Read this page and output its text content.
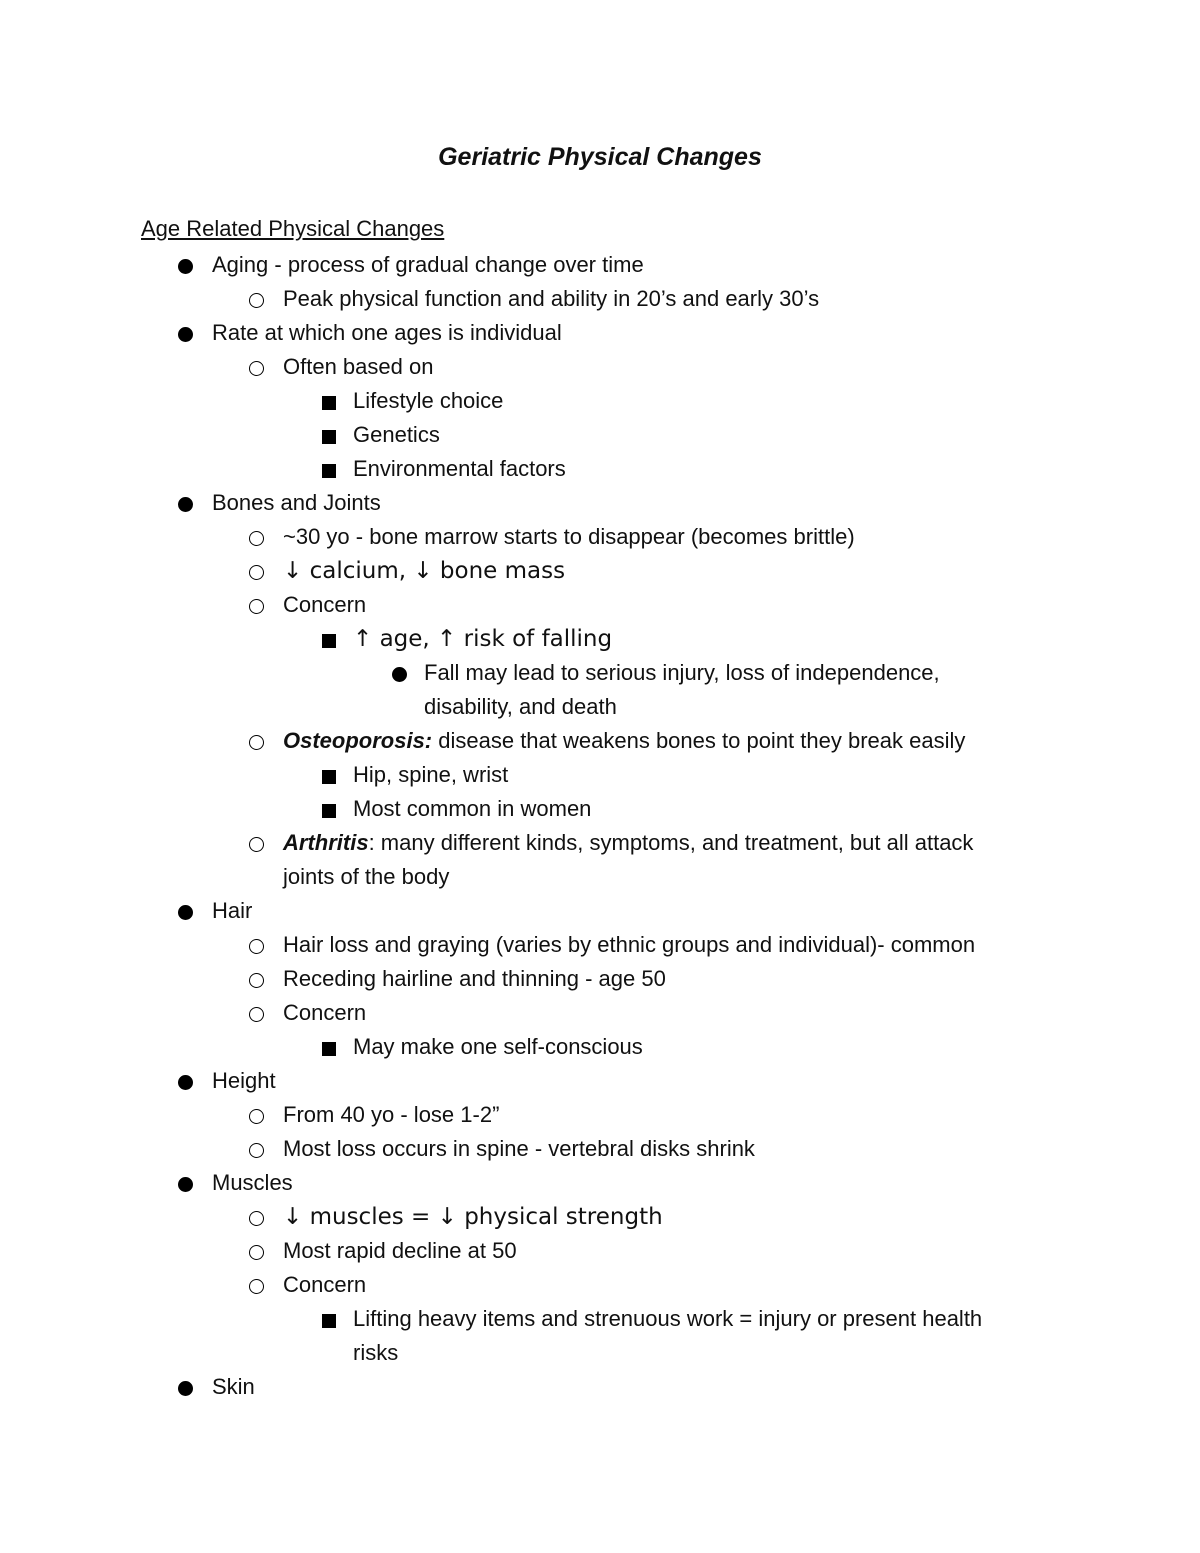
Geriatric Physical Changes
Age Related Physical Changes
Aging - process of gradual change over time
Peak physical function and ability in 20’s and early 30’s
Rate at which one ages is individual
Often based on
Lifestyle choice
Genetics
Environmental factors
Bones and Joints
~30 yo - bone marrow starts to disappear (becomes brittle)
↓ calcium, ↓ bone mass
Concern
↑ age, ↑ risk of falling
Fall may lead to serious injury, loss of independence,
disability, and death
Osteoporosis: disease that weakens bones to point they break easily
Hip, spine, wrist
Most common in women
Arthritis: many different kinds, symptoms, and treatment, but all attack
joints of the body
Hair
Hair loss and graying (varies by ethnic groups and individual)- common
Receding hairline and thinning - age 50
Concern
May make one self-conscious
Height
From 40 yo - lose 1-2”
Most loss occurs in spine - vertebral disks shrink
Muscles
↓ muscles = ↓ physical strength
Most rapid decline at 50
Concern
Lifting heavy items and strenuous work = injury or present health
risks
Skin
